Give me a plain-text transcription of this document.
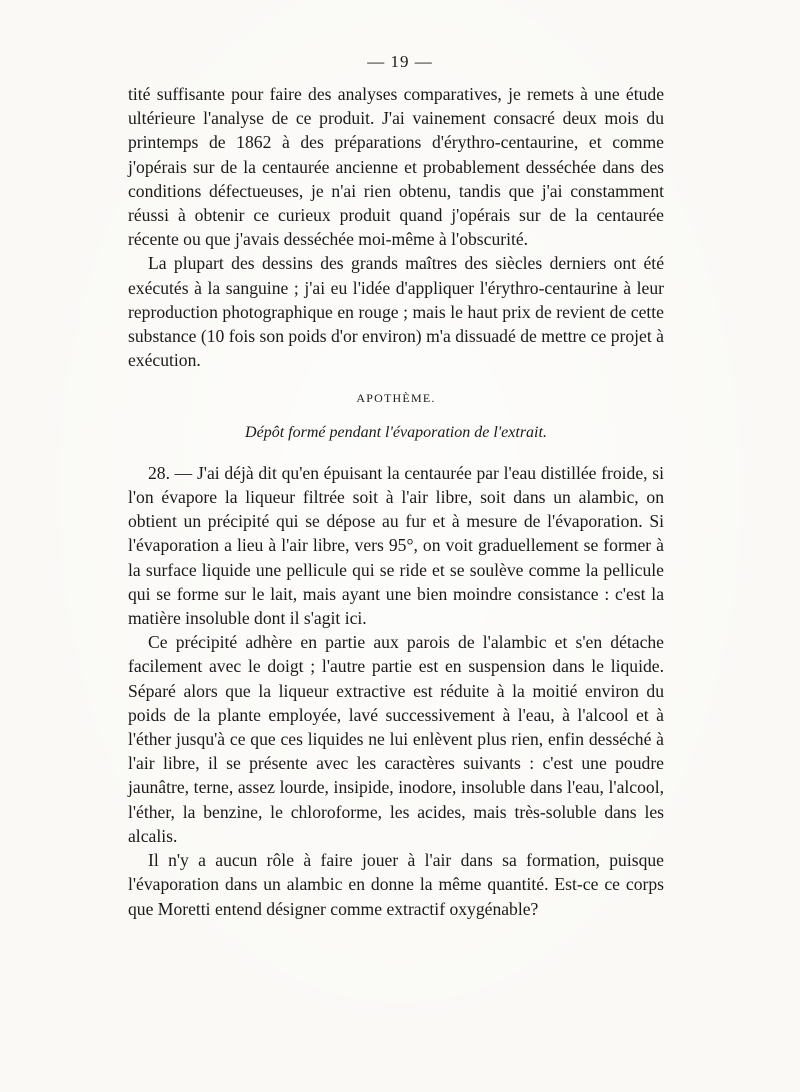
— 19 —

tité suffisante pour faire des analyses comparatives, je remets à une étude ultérieure l'analyse de ce produit. J'ai vainement consacré deux mois du printemps de 1862 à des préparations d'érythro-centaurine, et comme j'opérais sur de la centaurée ancienne et probablement desséchée dans des conditions défectueuses, je n'ai rien obtenu, tandis que j'ai constamment réussi à obtenir ce curieux produit quand j'opérais sur de la centaurée récente ou que j'avais desséchée moi-même à l'obscurité.

La plupart des dessins des grands maîtres des siècles derniers ont été exécutés à la sanguine ; j'ai eu l'idée d'appliquer l'érythro-centaurine à leur reproduction photographique en rouge ; mais le haut prix de revient de cette substance (10 fois son poids d'or environ) m'a dissuadé de mettre ce projet à exécution.

APOTHÈME.
Dépôt formé pendant l'évaporation de l'extrait.

28. — J'ai déjà dit qu'en épuisant la centaurée par l'eau distillée froide, si l'on évapore la liqueur filtrée soit à l'air libre, soit dans un alambic, on obtient un précipité qui se dépose au fur et à mesure de l'évaporation. Si l'évaporation a lieu à l'air libre, vers 95°, on voit graduellement se former à la surface liquide une pellicule qui se ride et se soulève comme la pellicule qui se forme sur le lait, mais ayant une bien moindre consistance : c'est la matière insoluble dont il s'agit ici.

Ce précipité adhère en partie aux parois de l'alambic et s'en détache facilement avec le doigt ; l'autre partie est en suspension dans le liquide. Séparé alors que la liqueur extractive est réduite à la moitié environ du poids de la plante employée, lavé successivement à l'eau, à l'alcool et à l'éther jusqu'à ce que ces liquides ne lui enlèvent plus rien, enfin desséché à l'air libre, il se présente avec les caractères suivants : c'est une poudre jaunâtre, terne, assez lourde, insipide, inodore, insoluble dans l'eau, l'alcool, l'éther, la benzine, le chloroforme, les acides, mais très-soluble dans les alcalis.

Il n'y a aucun rôle à faire jouer à l'air dans sa formation, puisque l'évaporation dans un alambic en donne la même quantité. Est-ce ce corps que Moretti entend désigner comme extractif oxygénable?
